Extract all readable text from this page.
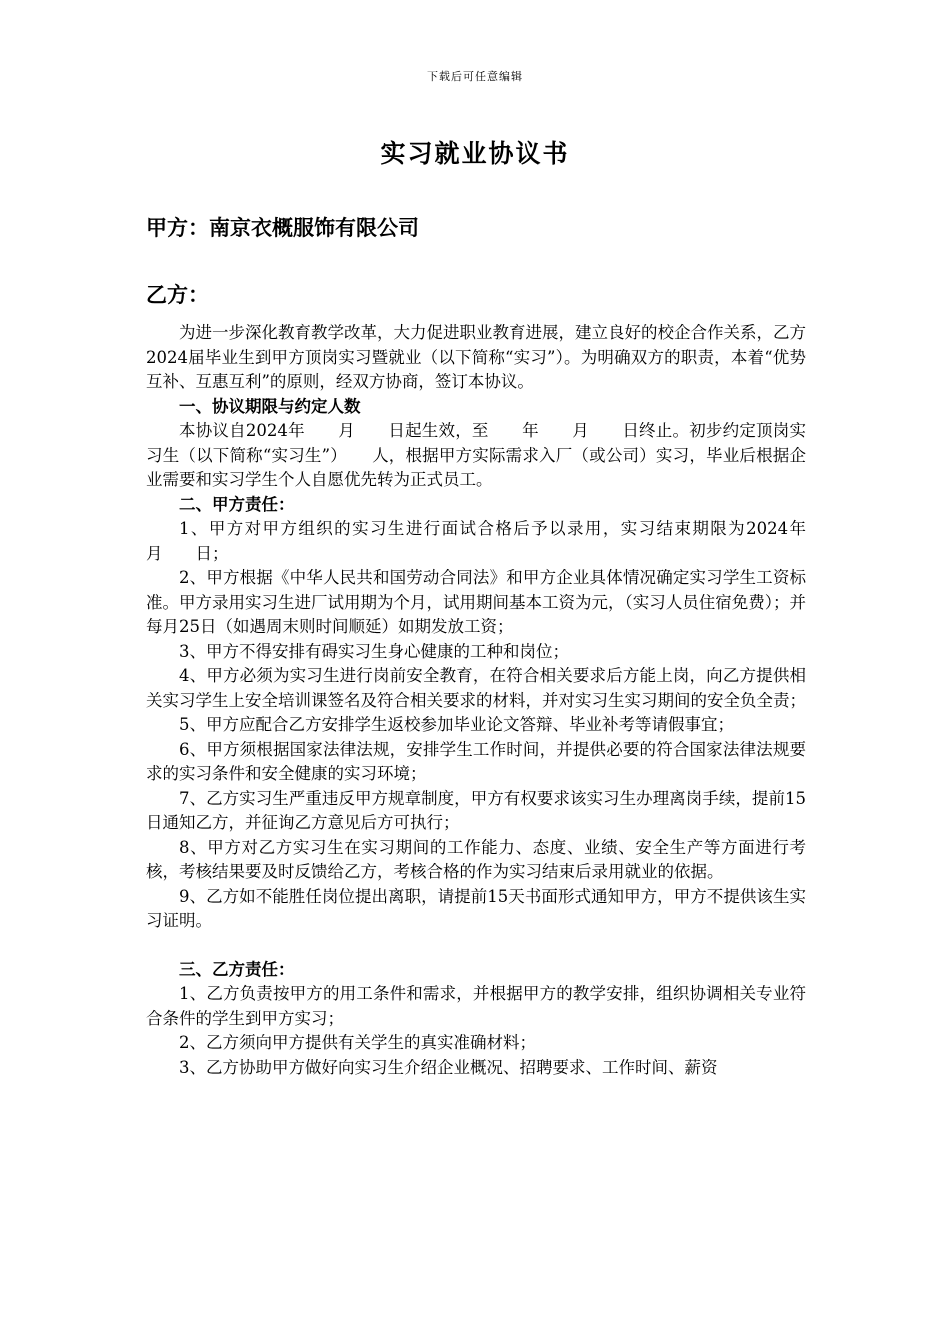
下载后可任意编辑
实习就业协议书
甲方：南京衣概服饰有限公司
乙方：

为进一步深化教育教学改革，大力促进职业教育进展，建立良好的校企合作关系，乙方2024届毕业生到甲方顶岗实习暨就业（以下简称“实习”）。为明确双方的职责，本着“优势互补、互惠互利”的原则，经双方协商，签订本协议。

一、协议期限与约定人数

本协议自2024年　　月　　日起生效，至　　年　　月　　日终止。初步约定顶岗实习生（以下简称“实习生”）　　人，根据甲方实际需求入厂（或公司）实习，毕业后根据企业需要和实习学生个人自愿优先转为正式员工。

二、甲方责任：

1、甲方对甲方组织的实习生进行面试合格后予以录用，实习结束期限为2024年　　月　　日；

2、甲方根据《中华人民共和国劳动合同法》和甲方企业具体情况确定实习学生工资标准。甲方录用实习生进厂试用期为个月，试用期间基本工资为元，（实习人员住宿免费）；并每月25日（如遇周末则时间顺延）如期发放工资；

3、甲方不得安排有碍实习生身心健康的工种和岗位；

4、甲方必须为实习生进行岗前安全教育，在符合相关要求后方能上岗，向乙方提供相关实习学生上安全培训课签名及符合相关要求的材料，并对实习生实习期间的安全负全责；

5、甲方应配合乙方安排学生返校参加毕业论文答辩、毕业补考等请假事宜；

6、甲方须根据国家法律法规，安排学生工作时间，并提供必要的符合国家法律法规要求的实习条件和安全健康的实习环境；

7、乙方实习生严重违反甲方规章制度，甲方有权要求该实习生办理离岗手续，提前15日通知乙方，并征询乙方意见后方可执行；

8、甲方对乙方实习生在实习期间的工作能力、态度、业绩、安全生产等方面进行考核，考核结果要及时反馈给乙方，考核合格的作为实习结束后录用就业的依据。

9、乙方如不能胜任岗位提出离职，请提前15天书面形式通知甲方，甲方不提供该生实习证明。

三、乙方责任：

1、乙方负责按甲方的用工条件和需求，并根据甲方的教学安排，组织协调相关专业符合条件的学生到甲方实习；

2、乙方须向甲方提供有关学生的真实准确材料；

3、乙方协助甲方做好向实习生介绍企业概况、招聘要求、工作时间、薪资
